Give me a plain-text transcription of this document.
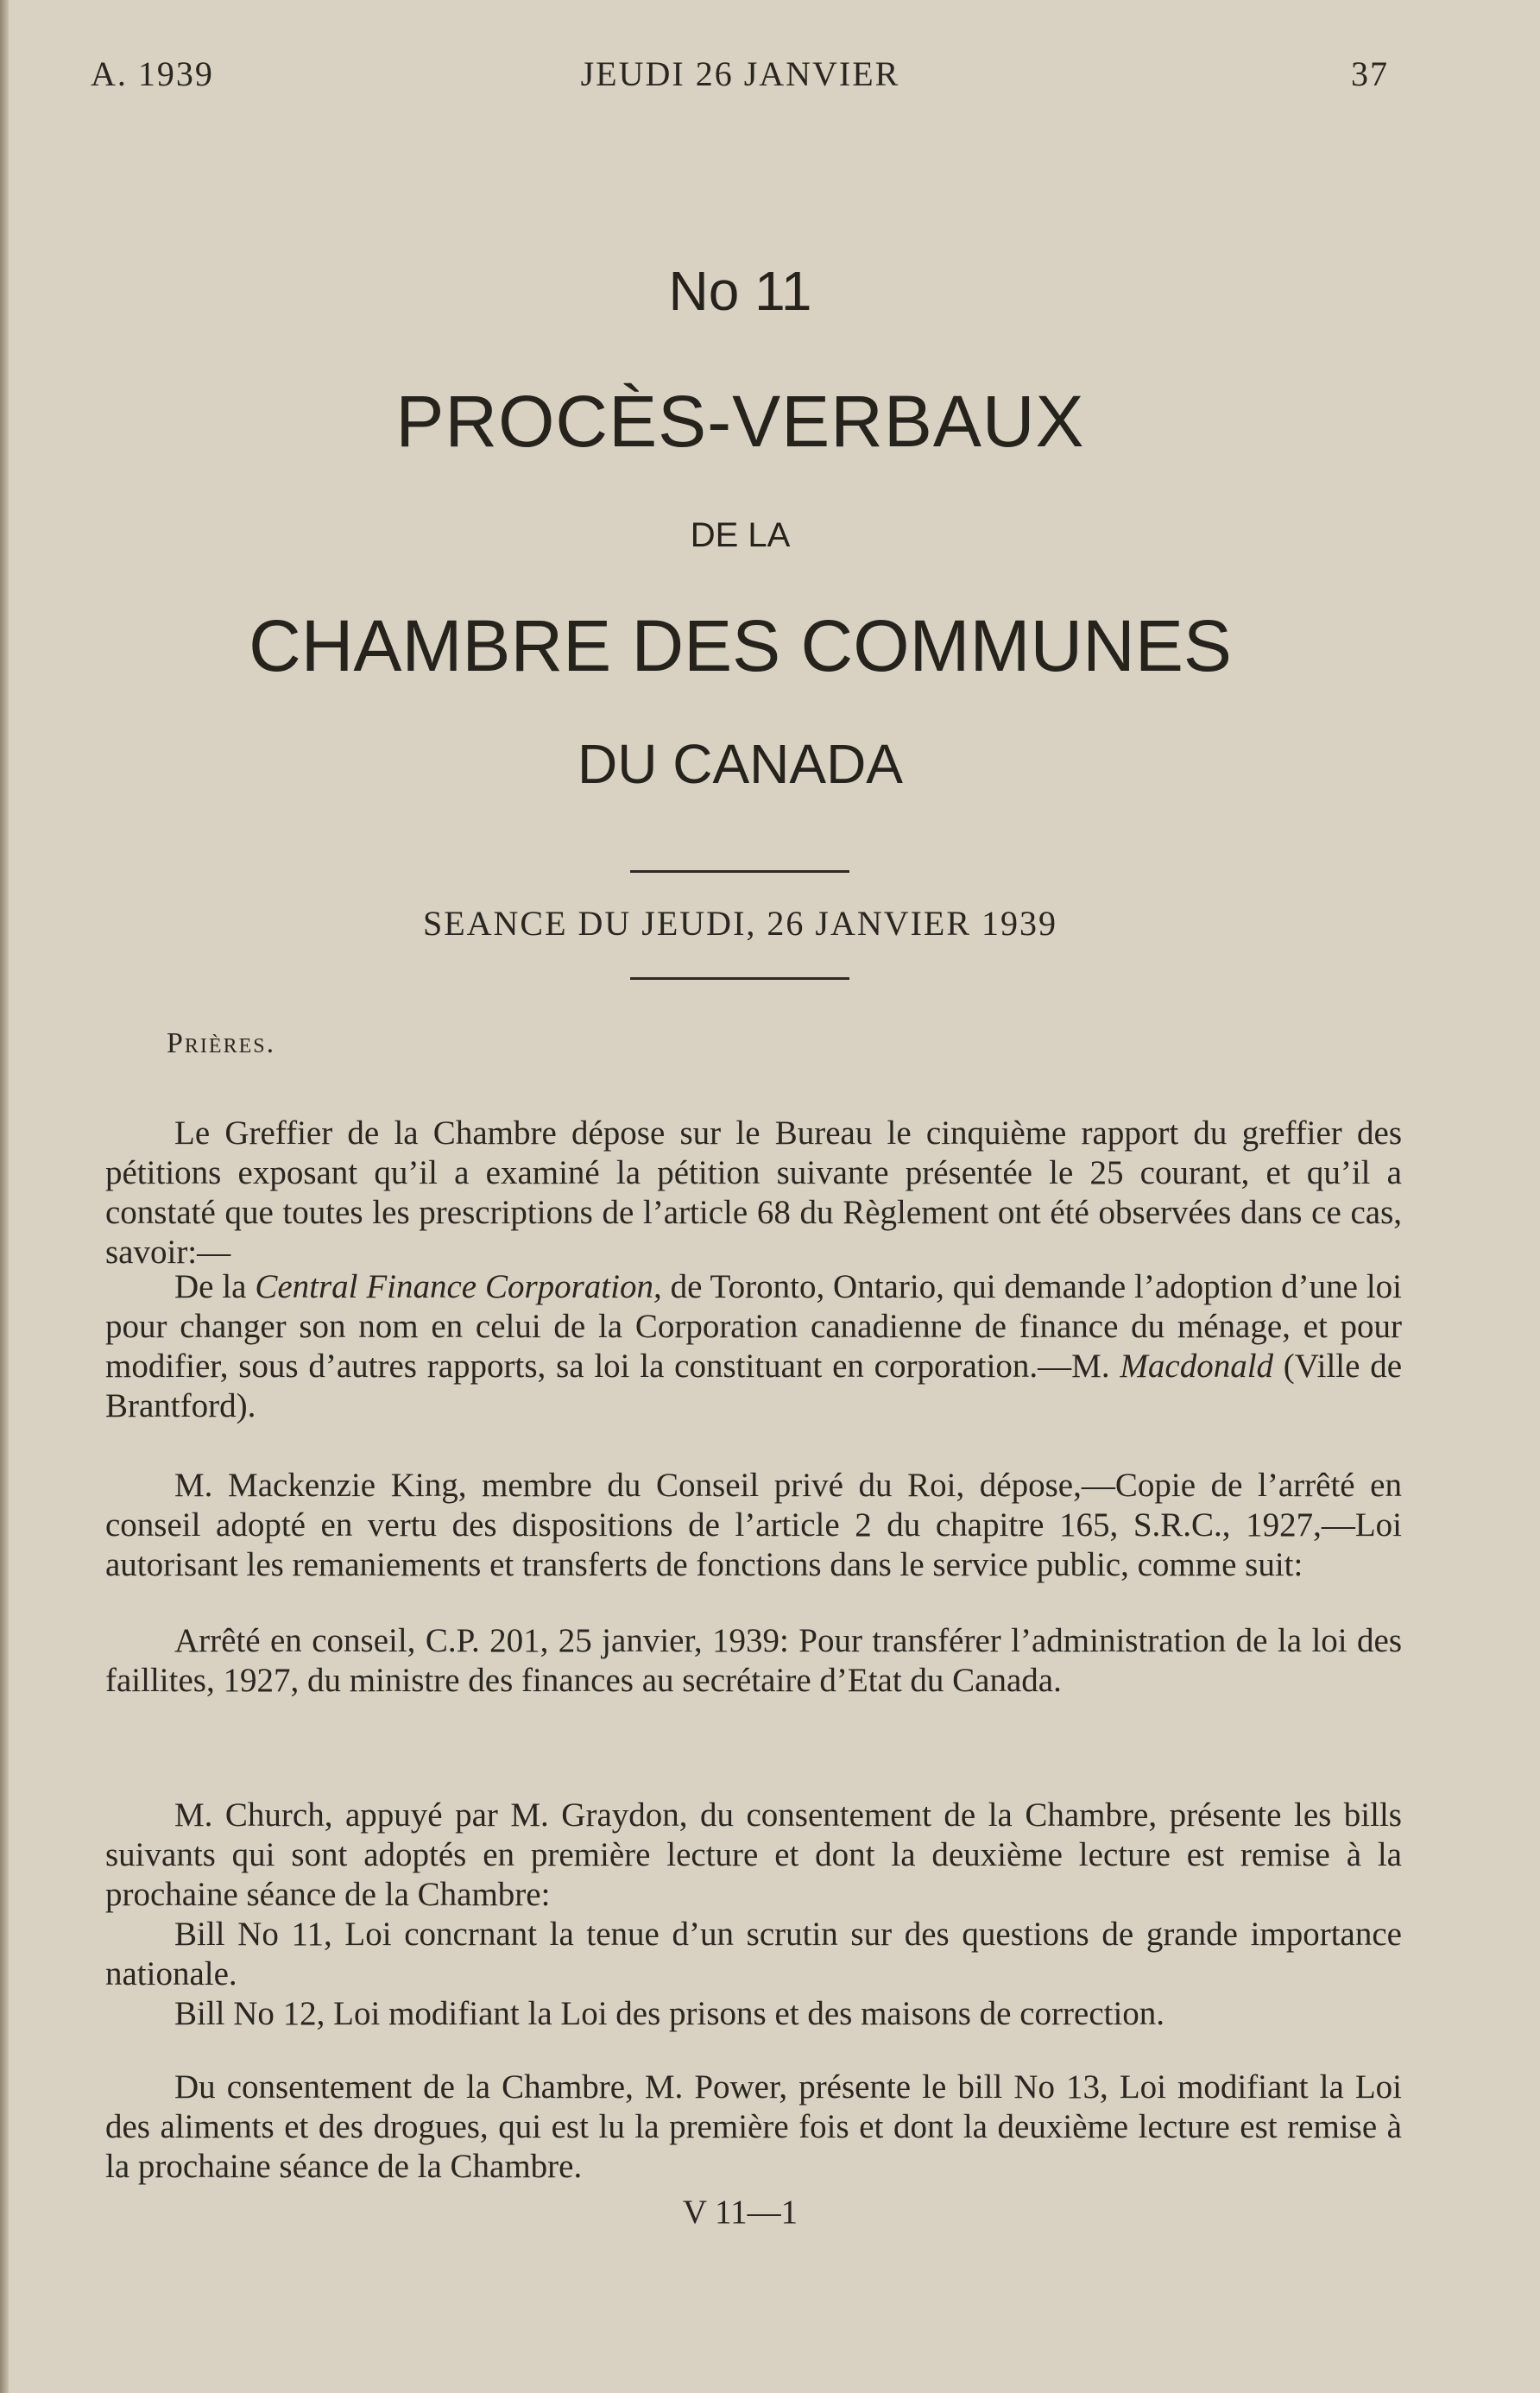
A. 1939	JEUDI 26 JANVIER	37
No 11
PROCÈS-VERBAUX
DE LA
CHAMBRE DES COMMUNES
DU CANADA
SEANCE DU JEUDI, 26 JANVIER 1939
Prières.

Le Greffier de la Chambre dépose sur le Bureau le cinquième rapport du greffier des pétitions exposant qu’il a examiné la pétition suivante présentée le 25 courant, et qu’il a constaté que toutes les prescriptions de l’article 68 du Règlement ont été observées dans ce cas, savoir:—

De la Central Finance Corporation, de Toronto, Ontario, qui demande l’adoption d’une loi pour changer son nom en celui de la Corporation canadienne de finance du ménage, et pour modifier, sous d’autres rapports, sa loi la constituant en corporation.—M. Macdonald (Ville de Brantford).

M. Mackenzie King, membre du Conseil privé du Roi, dépose,—Copie de l’arrêté en conseil adopté en vertu des dispositions de l’article 2 du chapitre 165, S.R.C., 1927,—Loi autorisant les remaniements et transferts de fonctions dans le service public, comme suit:

Arrêté en conseil, C.P. 201, 25 janvier, 1939: Pour transférer l’administration de la loi des faillites, 1927, du ministre des finances au secrétaire d’Etat du Canada.

M. Church, appuyé par M. Graydon, du consentement de la Chambre, présente les bills suivants qui sont adoptés en première lecture et dont la deuxième lecture est remise à la prochaine séance de la Chambre:

Bill No 11, Loi concrnant la tenue d’un scrutin sur des questions de grande importance nationale.

Bill No 12, Loi modifiant la Loi des prisons et des maisons de correction.

Du consentement de la Chambre, M. Power, présente le bill No 13, Loi modifiant la Loi des aliments et des drogues, qui est lu la première fois et dont la deuxième lecture est remise à la prochaine séance de la Chambre.

V 11—1
